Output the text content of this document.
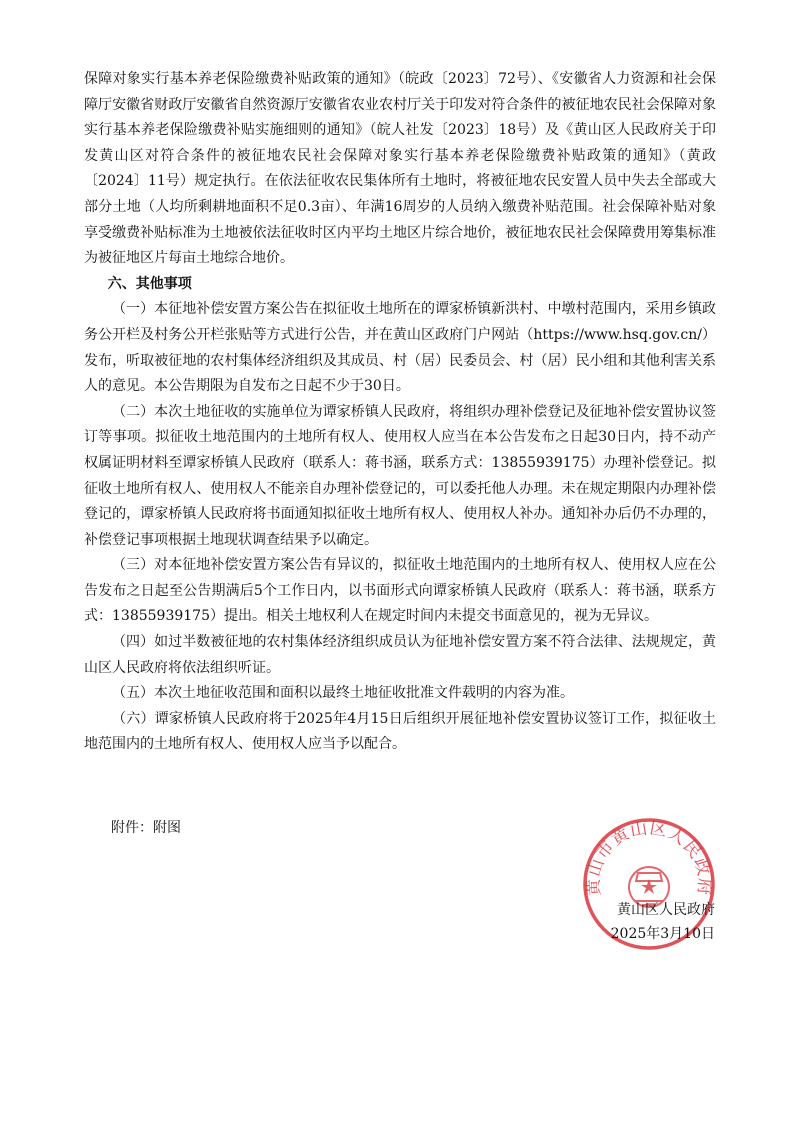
保障对象实行基本养老保险缴费补贴政策的通知》（皖政〔2023〕72号）、《安徽省人力资源和社会保障厅安徽省财政厅安徽省自然资源厅安徽省农业农村厅关于印发对符合条件的被征地农民社会保障对象实行基本养老保险缴费补贴实施细则的通知》（皖人社发〔2023〕18号）及《黄山区人民政府关于印发黄山区对符合条件的被征地农民社会保障对象实行基本养老保险缴费补贴政策的通知》（黄政〔2024〕11号）规定执行。在依法征收农民集体所有土地时，将被征地农民安置人员中失去全部或大部分土地（人均所剩耕地面积不足0.3亩）、年满16周岁的人员纳入缴费补贴范围。社会保障补贴对象享受缴费补贴标准为土地被依法征收时区内平均土地区片综合地价，被征地农民社会保障费用筹集标准为被征地区片每亩土地综合地价。

六、其他事项

（一）本征地补偿安置方案公告在拟征收土地所在的谭家桥镇新洪村、中墩村范围内，采用乡镇政务公开栏及村务公开栏张贴等方式进行公告，并在黄山区政府门户网站（https://www.hsq.gov.cn/）发布，听取被征地的农村集体经济组织及其成员、村（居）民委员会、村（居）民小组和其他利害关系人的意见。本公告期限为自发布之日起不少于30日。

（二）本次土地征收的实施单位为谭家桥镇人民政府，将组织办理补偿登记及征地补偿安置协议签订等事项。拟征收土地范围内的土地所有权人、使用权人应当在本公告发布之日起30日内，持不动产权属证明材料至谭家桥镇人民政府（联系人：蒋书涵，联系方式：13855939175）办理补偿登记。拟征收土地所有权人、使用权人不能亲自办理补偿登记的，可以委托他人办理。未在规定期限内办理补偿登记的，谭家桥镇人民政府将书面通知拟征收土地所有权人、使用权人补办。通知补办后仍不办理的，补偿登记事项根据土地现状调查结果予以确定。

（三）对本征地补偿安置方案公告有异议的，拟征收土地范围内的土地所有权人、使用权人应在公告发布之日起至公告期满后5个工作日内，以书面形式向谭家桥镇人民政府（联系人：蒋书涵，联系方式：13855939175）提出。相关土地权利人在规定时间内未提交书面意见的，视为无异议。

（四）如过半数被征地的农村集体经济组织成员认为征地补偿安置方案不符合法律、法规规定，黄山区人民政府将依法组织听证。

（五）本次土地征收范围和面积以最终土地征收批准文件载明的内容为准。

（六）谭家桥镇人民政府将于2025年4月15日后组织开展征地补偿安置协议签订工作，拟征收土地范围内的土地所有权人、使用权人应当予以配合。

附件：附图
黄山市黄山区人民政府
黄山区人民政府
2025年3月10日
